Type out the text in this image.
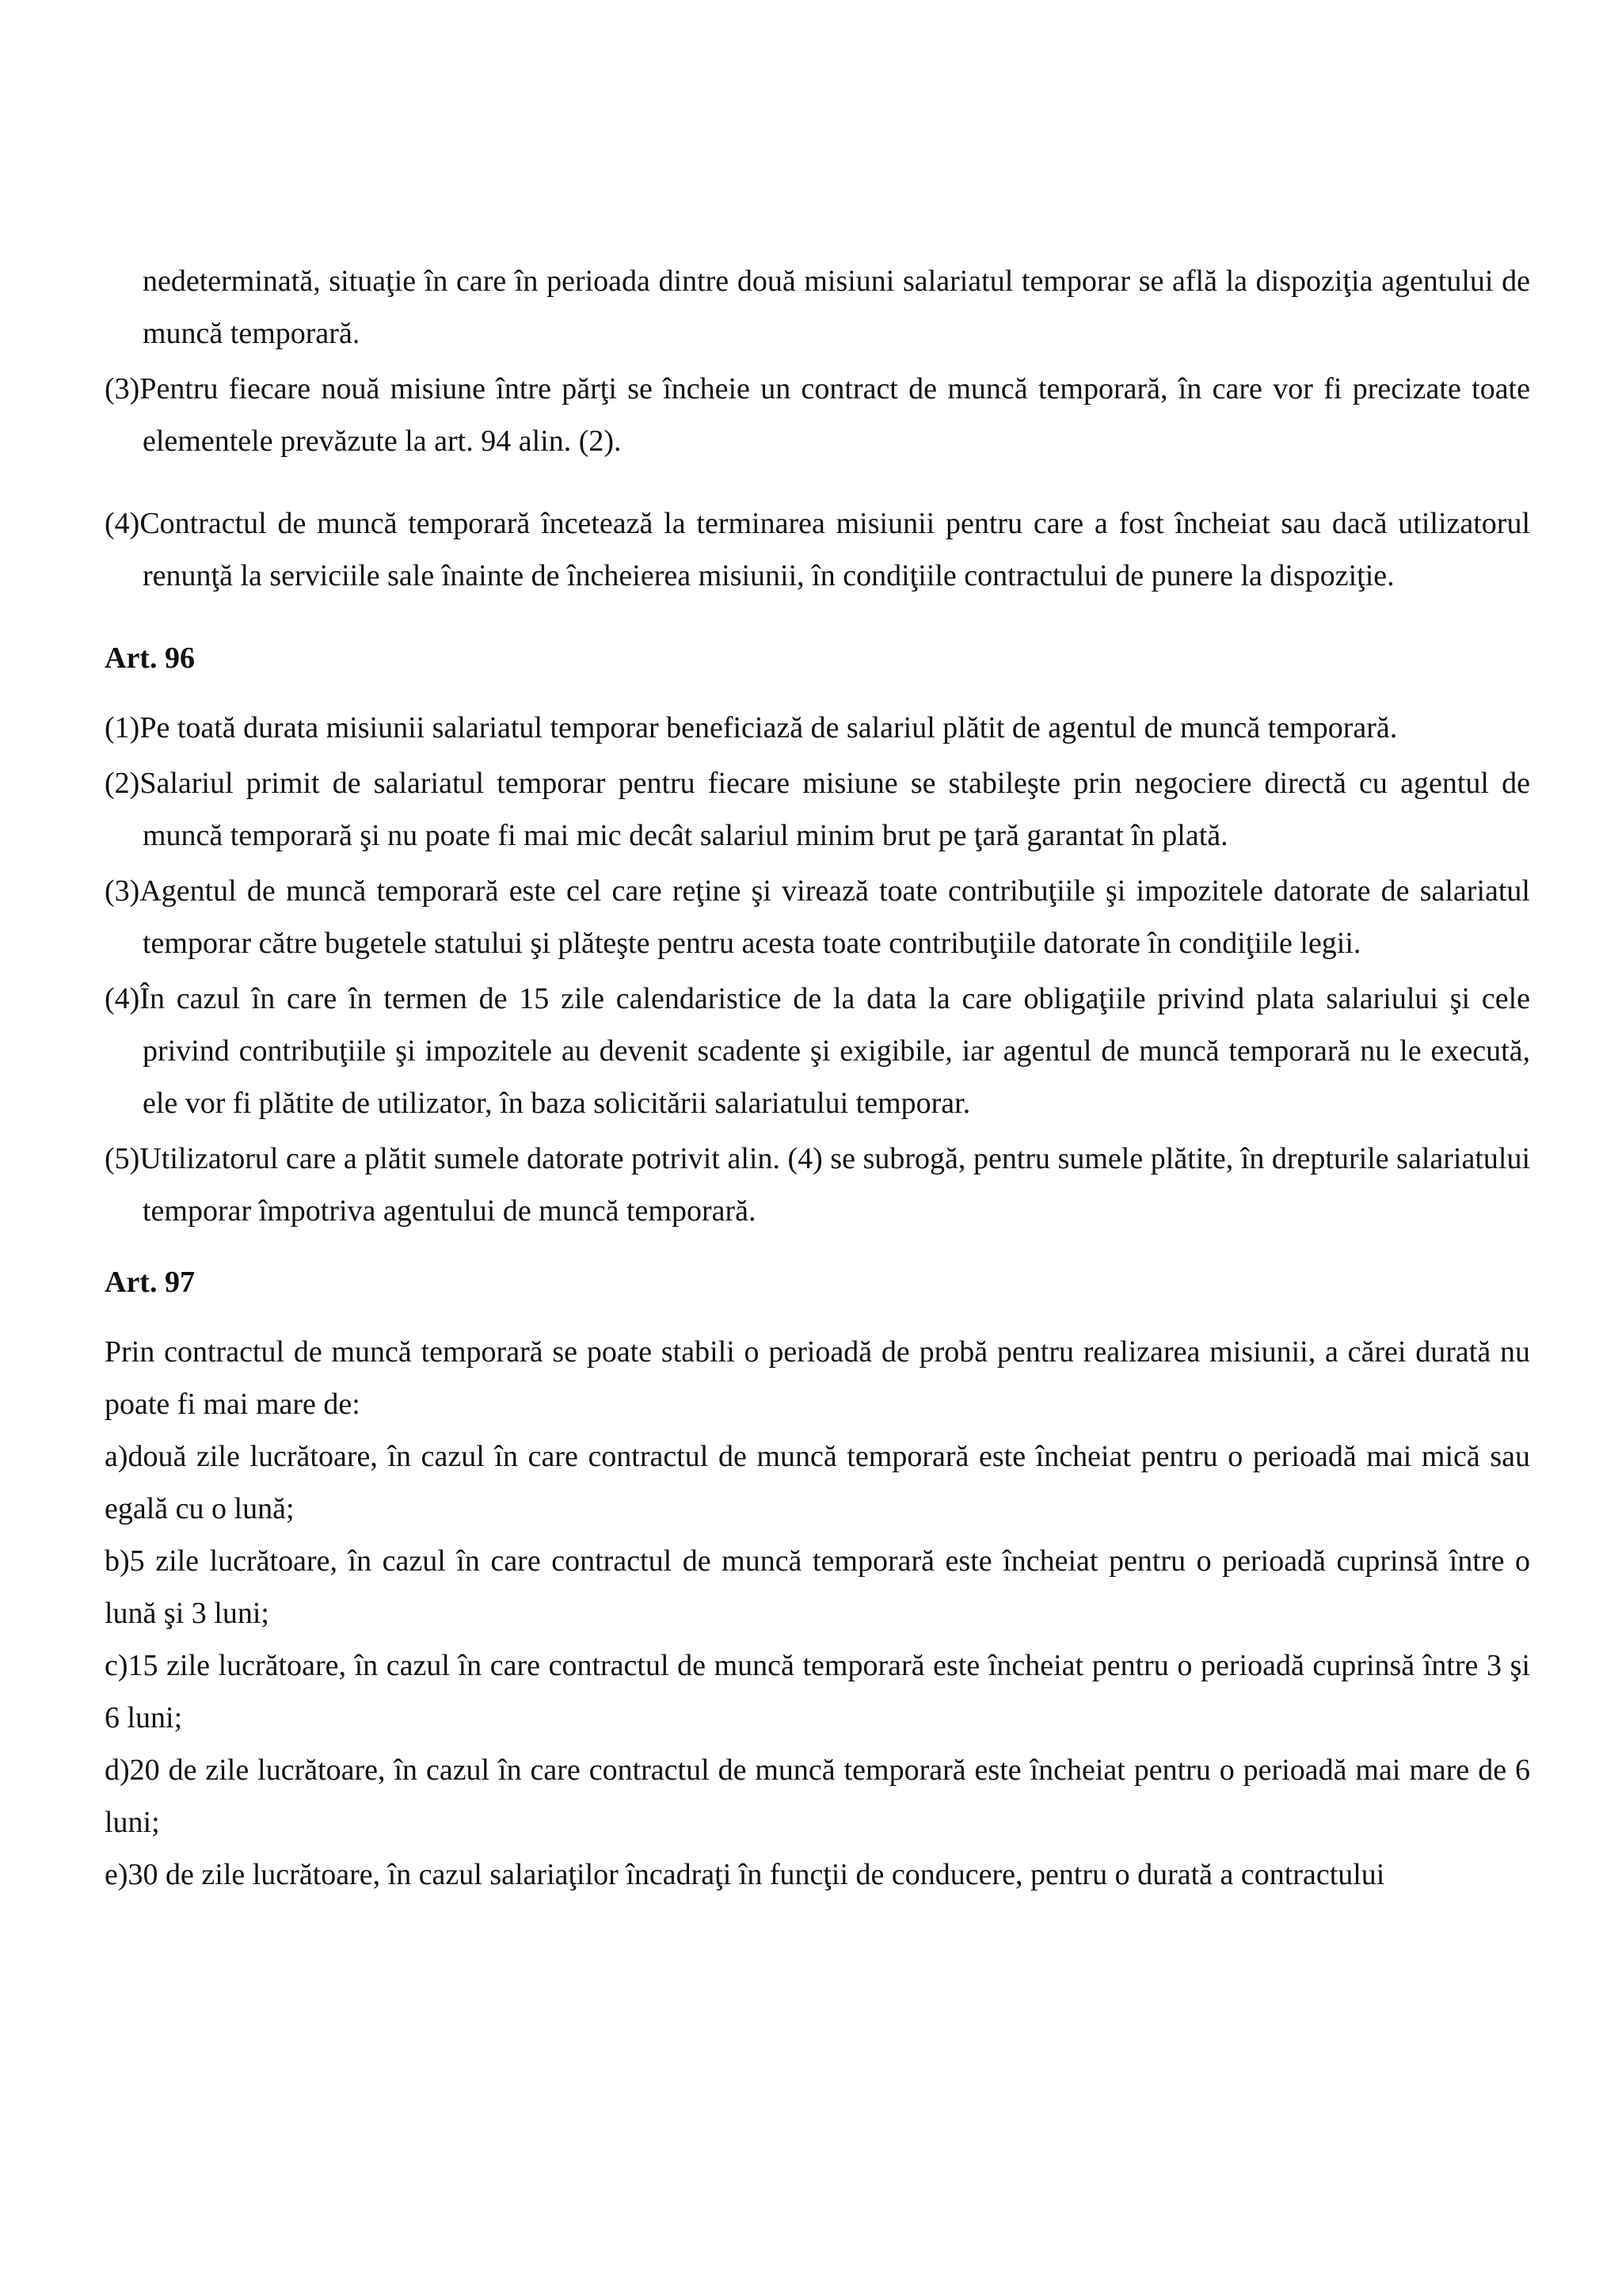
nedeterminată, situaţie în care în perioada dintre două misiuni salariatul temporar se află la dispoziţia agentului de muncă temporară.

(3)Pentru fiecare nouă misiune între părţi se încheie un contract de muncă temporară, în care vor fi precizate toate elementele prevăzute la art. 94 alin. (2).

(4)Contractul de muncă temporară încetează la terminarea misiunii pentru care a fost încheiat sau dacă utilizatorul renunţă la serviciile sale înainte de încheierea misiunii, în condiţiile contractului de punere la dispoziţie.

Art. 96

(1)Pe toată durata misiunii salariatul temporar beneficiază de salariul plătit de agentul de muncă temporară.

(2)Salariul primit de salariatul temporar pentru fiecare misiune se stabileşte prin negociere directă cu agentul de muncă temporară şi nu poate fi mai mic decât salariul minim brut pe ţară garantat în plată.

(3)Agentul de muncă temporară este cel care reţine şi virează toate contribuţiile şi impozitele datorate de salariatul temporar către bugetele statului şi plăteşte pentru acesta toate contribuţiile datorate în condiţiile legii.

(4)În cazul în care în termen de 15 zile calendaristice de la data la care obligaţiile privind plata salariului şi cele privind contribuţiile şi impozitele au devenit scadente şi exigibile, iar agentul de muncă temporară nu le execută, ele vor fi plătite de utilizator, în baza solicitării salariatului temporar.

(5)Utilizatorul care a plătit sumele datorate potrivit alin. (4) se subrogă, pentru sumele plătite, în drepturile salariatului temporar împotriva agentului de muncă temporară.

Art. 97

Prin contractul de muncă temporară se poate stabili o perioadă de probă pentru realizarea misiunii, a cărei durată nu poate fi mai mare de:

a)două zile lucrătoare, în cazul în care contractul de muncă temporară este încheiat pentru o perioadă mai mică sau egală cu o lună;

b)5 zile lucrătoare, în cazul în care contractul de muncă temporară este încheiat pentru o perioadă cuprinsă între o lună şi 3 luni;

c)15 zile lucrătoare, în cazul în care contractul de muncă temporară este încheiat pentru o perioadă cuprinsă între 3 şi 6 luni;

d)20 de zile lucrătoare, în cazul în care contractul de muncă temporară este încheiat pentru o perioadă mai mare de 6 luni;

e)30 de zile lucrătoare, în cazul salariaţilor încadraţi în funcţii de conducere, pentru o durată a contractului
